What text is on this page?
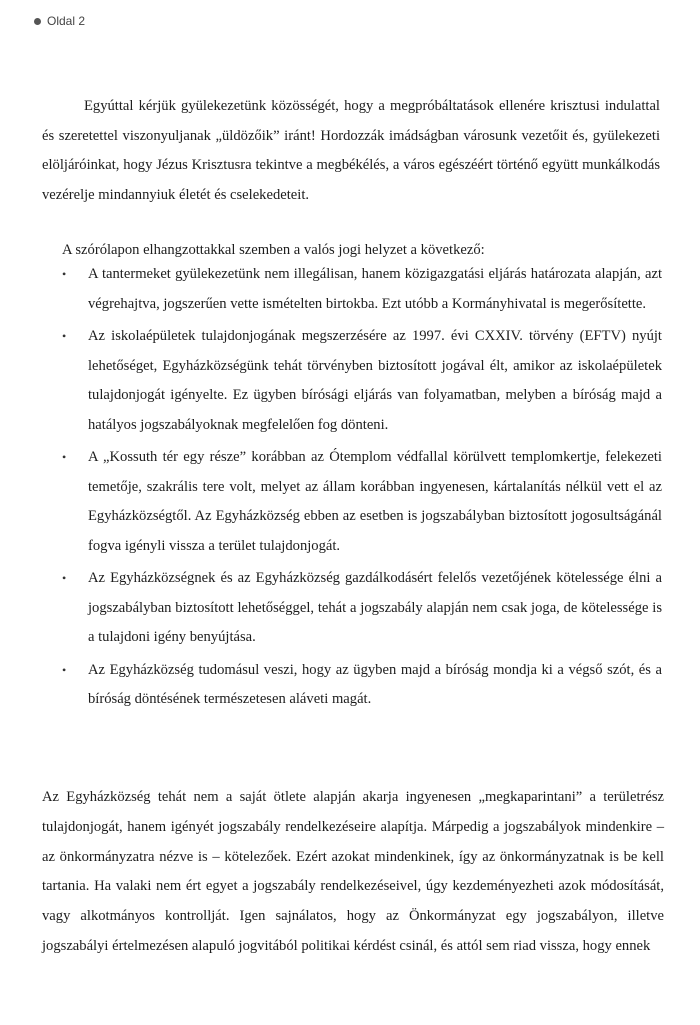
Oldal 2

Egyúttal kérjük gyülekezetünk közösségét, hogy a megpróbáltatások ellenére krisztusi indulattal és szeretettel viszonyuljanak „üldözőik” iránt! Hordozzák imádságban városunk vezetőit és, gyülekezeti elöljáróinkat, hogy Jézus Krisztusra tekintve a megbékélés, a város egészéért történő együtt munkálkodás vezérelje mindannyiuk életét és cselekedeteit.

A szórólapon elhangzottakkal szemben a valós jogi helyzet a következő:

• A tantermeket gyülekezetünk nem illegálisan, hanem közigazgatási eljárás határozata alapján, azt végrehajtva, jogszerűen vette ismételten birtokba. Ezt utóbb a Kormányhivatal is megerősítette.
• Az iskolaépületek tulajdonjogának megszerzésére az 1997. évi CXXIV. törvény (EFTV) nyújt lehetőséget, Egyházközségünk tehát törvényben biztosított jogával élt, amikor az iskolaépületek tulajdonjogát igényelte. Ez ügyben bírósági eljárás van folyamatban, melyben a bíróság majd a hatályos jogszabályoknak megfelelően fog dönteni.
• A „Kossuth tér egy része” korábban az Ótemplom védfallal körülvett templomkertje, felekezeti temetője, szakrális tere volt, melyet az állam korábban ingyenesen, kártalanítás nélkül vett el az Egyházközségtől. Az Egyházközség ebben az esetben is jogszabályban biztosított jogosultságánál fogva igényli vissza a terület tulajdonjogát.
• Az Egyházközségnek és az Egyházközség gazdálkodásért felelős vezetőjének kötelessége élni a jogszabályban biztosított lehetőséggel, tehát a jogszabály alapján nem csak joga, de kötelessége is a tulajdoni igény benyújtása.
• Az Egyházközség tudomásul veszi, hogy az ügyben majd a bíróság mondja ki a végső szót, és a bíróság döntésének természetesen aláveti magát.

Az Egyházközség tehát nem a saját ötlete alapján akarja ingyenesen „megkaparintani” a területrész tulajdonjogát, hanem igényét jogszabály rendelkezéseire alapítja. Márpedig a jogszabályok mindenkire – az önkormányzatra nézve is – kötelezőek. Ezért azokat mindenkinek, így az önkormányzatnak is be kell tartania. Ha valaki nem ért egyet a jogszabály rendelkezéseivel, úgy kezdeményezheti azok módosítását, vagy alkotmányos kontrollját. Igen sajnálatos, hogy az Önkormányzat egy jogszabályon, illetve jogszabályi értelmezésen alapuló jogvitából politikai kérdést csinál, és attól sem riad vissza, hogy ennek
